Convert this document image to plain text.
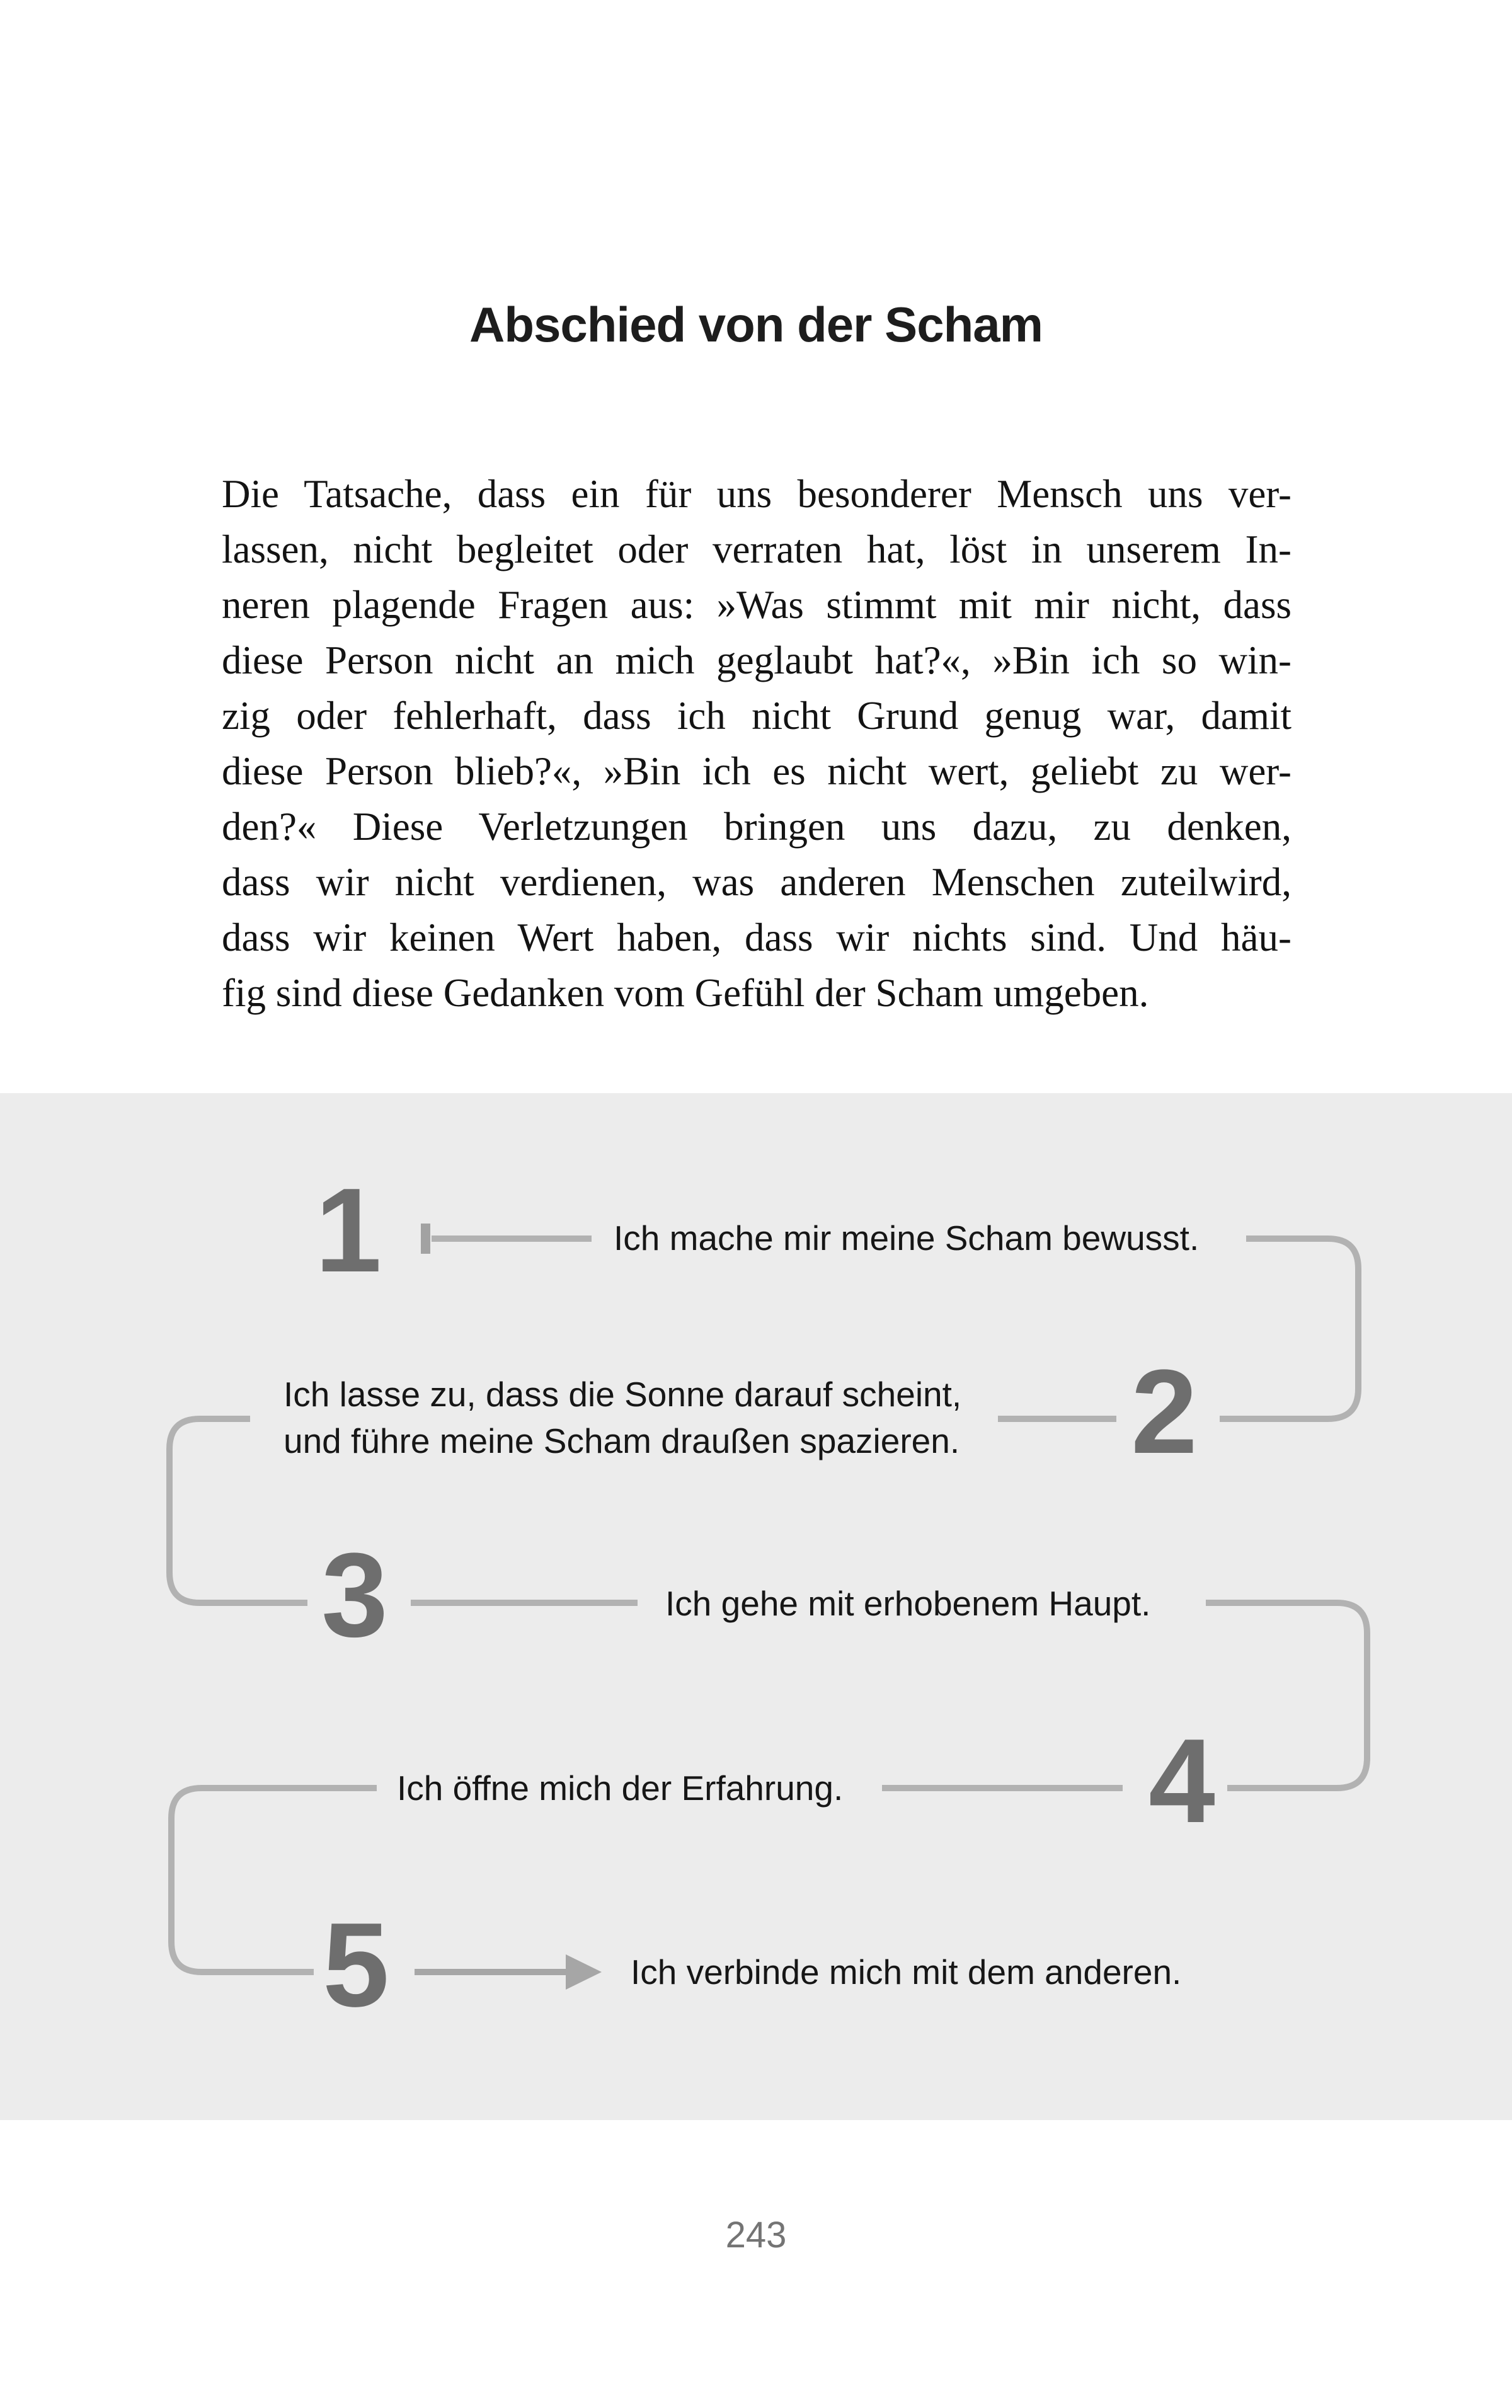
Abschied von der Scham
Die Tatsache, dass ein für uns besonderer Mensch uns ver-
lassen, nicht begleitet oder verraten hat, löst in unserem In-
neren plagende Fragen aus: »Was stimmt mit mir nicht, dass
diese Person nicht an mich geglaubt hat?«, »Bin ich so win-
zig oder fehlerhaft, dass ich nicht Grund genug war, damit
diese Person blieb?«, »Bin ich es nicht wert, geliebt zu wer-
den?« Diese Verletzungen bringen uns dazu, zu denken,
dass wir nicht verdienen, was anderen Menschen zuteilwird,
dass wir keinen Wert haben, dass wir nichts sind. Und häu-
fig sind diese Gedanken vom Gefühl der Scham umgeben.
1
2
3
4
5
Ich mache mir meine Scham bewusst.
Ich lasse zu, dass die Sonne darauf scheint,
und führe meine Scham draußen spazieren.
Ich gehe mit erhobenem Haupt.
Ich öffne mich der Erfahrung.
Ich verbinde mich mit dem anderen.
243
